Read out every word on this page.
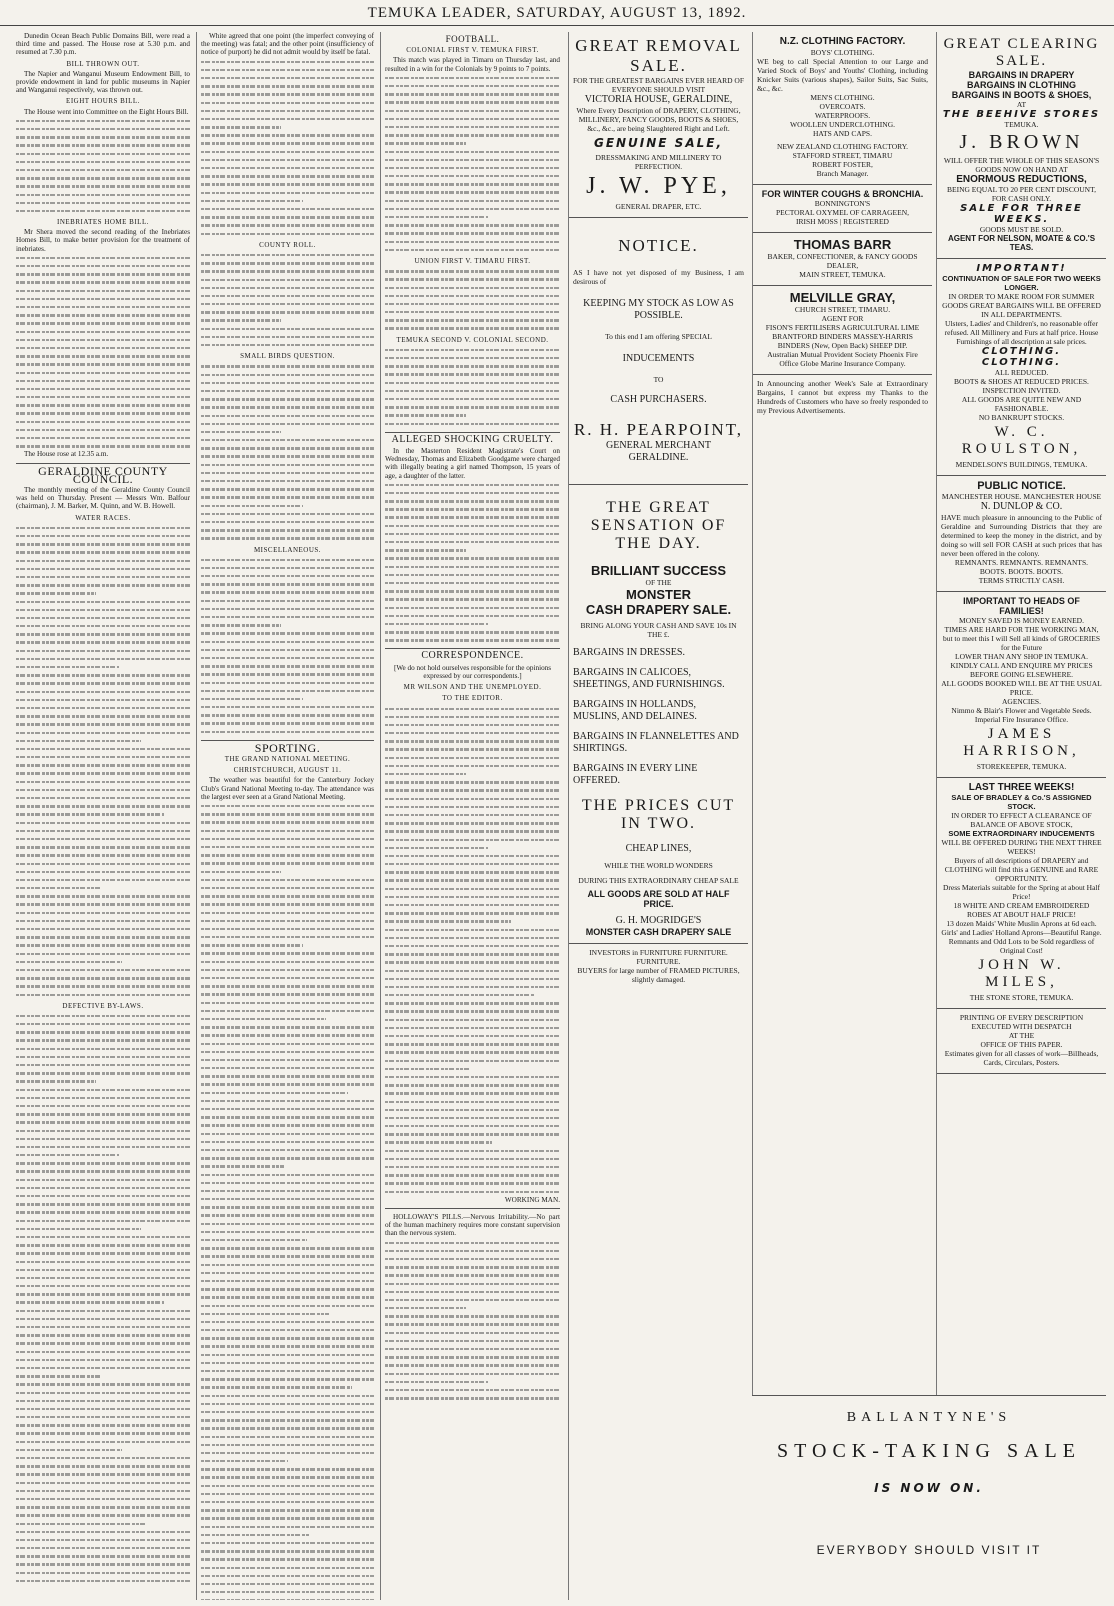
TEMUKA LEADER, SATURDAY, AUGUST 13, 1892.

Dunedin Ocean Beach Public Domains Bill, were read a third time and passed. The House rose at 5.30 p.m. and resumed at 7.30 p.m.

BILL THROWN OUT.

The Napier and Wanganui Museum Endowment Bill, to provide endowment in land for public museums in Napier and Wanganui respectively, was thrown out.

EIGHT HOURS BILL.

The House went into Committee on the Eight Hours Bill.

INEBRIATES HOME BILL.

Mr Shera moved the second reading of the Inebriates Homes Bill, to make better provision for the treatment of inebriates.

The House rose at 12.35 a.m.

GERALDINE COUNTY COUNCIL.

The monthly meeting of the Geraldine County Council was held on Thursday. Present — Messrs Wm. Balfour (chairman), J. M. Barker, M. Quinn, and W. B. Howell.

WATER RACES.
DEFECTIVE BY-LAWS.

White agreed that one point (the imperfect conveying of the meeting) was fatal; and the other point (insufficiency of notice of purport) he did not admit would by itself be fatal.

COUNTY ROLL.
SMALL BIRDS QUESTION.
MISCELLANEOUS.
SPORTING.
THE GRAND NATIONAL MEETING.
CHRISTCHURCH, AUGUST 11.

The weather was beautiful for the Canterbury Jockey Club's Grand National Meeting to-day. The attendance was the largest ever seen at a Grand National Meeting.

FOOTBALL.
COLONIAL FIRST V. TEMUKA FIRST.

This match was played in Timaru on Thursday last, and resulted in a win for the Colonials by 9 points to 7 points.

UNION FIRST V. TIMARU FIRST.
TEMUKA SECOND V. COLONIAL SECOND.
ALLEGED SHOCKING CRUELTY.

In the Masterton Resident Magistrate's Court on Wednesday, Thomas and Elizabeth Goodgame were charged with illegally beating a girl named Thompson, 15 years of age, a daughter of the latter.

CORRESPONDENCE.

[We do not hold ourselves responsible for the opinions expressed by our correspondents.]

MR WILSON AND THE UNEMPLOYED.
TO THE EDITOR.

WORKING MAN.

HOLLOWAY'S PILLS.—Nervous Irritability.—No part of the human machinery requires more constant supervision than the nervous system.

GREAT REMOVAL SALE.
FOR THE GREATEST BARGAINS EVER HEARD OF EVERYONE SHOULD VISIT
VICTORIA HOUSE, GERALDINE,
Where Every Description of DRAPERY, CLOTHING, MILLINERY, FANCY GOODS, BOOTS & SHOES, &c., &c., are being Slaughtered Right and Left.
GENUINE SALE,
DRESSMAKING AND MILLINERY TO PERFECTION.
J. W. PYE,
GENERAL DRAPER, ETC.
NOTICE.
AS I have not yet disposed of my Business, I am desirous of
KEEPING MY STOCK AS LOW AS POSSIBLE.
To this end I am offering SPECIAL
INDUCEMENTS
TO
CASH PURCHASERS.
R. H. PEARPOINT,
GENERAL MERCHANT
GERALDINE.
THE GREAT SENSATION OF THE DAY.
BRILLIANT SUCCESS
OF THE
MONSTER
CASH DRAPERY SALE.
BRING ALONG YOUR CASH AND SAVE 10s IN THE £.
BARGAINS IN DRESSES.
BARGAINS IN CALICOES, SHEETINGS, AND FURNISHINGS.
BARGAINS IN HOLLANDS, MUSLINS, AND DELAINES.
BARGAINS IN FLANNELETTES AND SHIRTINGS.
BARGAINS IN EVERY LINE OFFERED.
THE PRICES CUT IN TWO.
CHEAP LINES,
WHILE THE WORLD WONDERS
DURING THIS EXTRAORDINARY CHEAP SALE
ALL GOODS ARE SOLD AT HALF PRICE.
G. H. MOGRIDGE'S
MONSTER CASH DRAPERY SALE
INVESTORS in FURNITURE FURNITURE. FURNITURE.
BUYERS for large number of FRAMED PICTURES, slightly damaged.
N.Z. CLOTHING FACTORY.
BOYS' CLOTHING.
WE beg to call Special Attention to our Large and Varied Stock of Boys' and Youths' Clothing, including Knicker Suits (various shapes), Sailor Suits, Sac Suits, &c., &c.
MEN'S CLOTHING.
OVERCOATS.
WATERPROOFS.
WOOLLEN UNDERCLOTHING.
HATS AND CAPS.
NEW ZEALAND CLOTHING FACTORY.
STAFFORD STREET, TIMARU
ROBERT FOSTER,
Branch Manager.
FOR WINTER COUGHS & BRONCHIA.
BONNINGTON'S
PECTORAL OXYMEL OF CARRAGEEN,
IRISH MOSS | REGISTERED
THOMAS BARR
BAKER, CONFECTIONER, & FANCY GOODS DEALER,
MAIN STREET, TEMUKA.
MELVILLE GRAY,
CHURCH STREET, TIMARU.
AGENT FOR
FISON'S FERTILISERS AGRICULTURAL LIME BRANTFORD BINDERS MASSEY-HARRIS BINDERS (New, Open Back) SHEEP DIP.
Australian Mutual Provident Society Phoenix Fire Office Globe Marine Insurance Company.
In Announcing another Week's Sale at Extraordinary Bargains, I cannot but express my Thanks to the Hundreds of Customers who have so freely responded to my Previous Advertisements.
GREAT CLEARING SALE.
BARGAINS IN DRAPERY
BARGAINS IN CLOTHING
BARGAINS IN BOOTS & SHOES,
AT
THE BEEHIVE STORES
TEMUKA.
J. BROWN
WILL OFFER THE WHOLE OF THIS SEASON'S GOODS NOW ON HAND AT
ENORMOUS REDUCTIONS,
BEING EQUAL TO 20 PER CENT DISCOUNT, FOR CASH ONLY.
SALE FOR THREE WEEKS.
GOODS MUST BE SOLD.
AGENT FOR NELSON, MOATE & CO.'S TEAS.
IMPORTANT!
CONTINUATION OF SALE FOR TWO WEEKS LONGER.
IN ORDER TO MAKE ROOM FOR SUMMER GOODS GREAT BARGAINS WILL BE OFFERED IN ALL DEPARTMENTS.
Ulsters, Ladies' and Children's, no reasonable offer refused. All Millinery and Furs at half price. House Furnishings of all description at sale prices.
CLOTHING. CLOTHING.
ALL REDUCED.
BOOTS & SHOES AT REDUCED PRICES. INSPECTION INVITED.
ALL GOODS ARE QUITE NEW AND FASHIONABLE.
NO BANKRUPT STOCKS.
W. C. ROULSTON,
MENDELSON'S BUILDINGS, TEMUKA.
PUBLIC NOTICE.
MANCHESTER HOUSE. MANCHESTER HOUSE
N. DUNLOP & CO.
HAVE much pleasure in announcing to the Public of Geraldine and Surrounding Districts that they are determined to keep the money in the district, and by doing so will sell FOR CASH at such prices that has never been offered in the colony.
REMNANTS. REMNANTS. REMNANTS.
BOOTS. BOOTS. BOOTS.
TERMS STRICTLY CASH.
IMPORTANT TO HEADS OF FAMILIES!
MONEY SAVED IS MONEY EARNED.
TIMES ARE HARD FOR THE WORKING MAN, but to meet this I will Sell all kinds of GROCERIES for the Future
LOWER THAN ANY SHOP IN TEMUKA.
KINDLY CALL AND ENQUIRE MY PRICES BEFORE GOING ELSEWHERE.
ALL GOODS BOOKED WILL BE AT THE USUAL PRICE.
AGENCIES.
Nimmo & Blair's Flower and Vegetable Seeds. Imperial Fire Insurance Office.
JAMES HARRISON,
STOREKEEPER, TEMUKA.
LAST THREE WEEKS!
SALE OF BRADLEY & Co.'S ASSIGNED STOCK.
IN ORDER TO EFFECT A CLEARANCE OF BALANCE OF ABOVE STOCK,
SOME EXTRAORDINARY INDUCEMENTS
WILL BE OFFERED DURING THE NEXT THREE WEEKS!
Buyers of all descriptions of DRAPERY and CLOTHING will find this a GENUINE and RARE OPPORTUNITY.
Dress Materials suitable for the Spring at about Half Price!
18 WHITE AND CREAM EMBROIDERED ROBES AT ABOUT HALF PRICE!
13 dozen Maids' White Muslin Aprons at 6d each. Girls' and Ladies' Holland Aprons—Beautiful Range.
Remnants and Odd Lots to be Sold regardless of Original Cost!
JOHN W. MILES,
THE STONE STORE, TEMUKA.
PRINTING OF EVERY DESCRIPTION EXECUTED WITH DESPATCH
AT THE
OFFICE OF THIS PAPER.
Estimates given for all classes of work—Billheads, Cards, Circulars, Posters.
BALLANTYNE'S
STOCK-TAKING SALE
IS NOW ON.
EVERYBODY SHOULD VISIT IT
